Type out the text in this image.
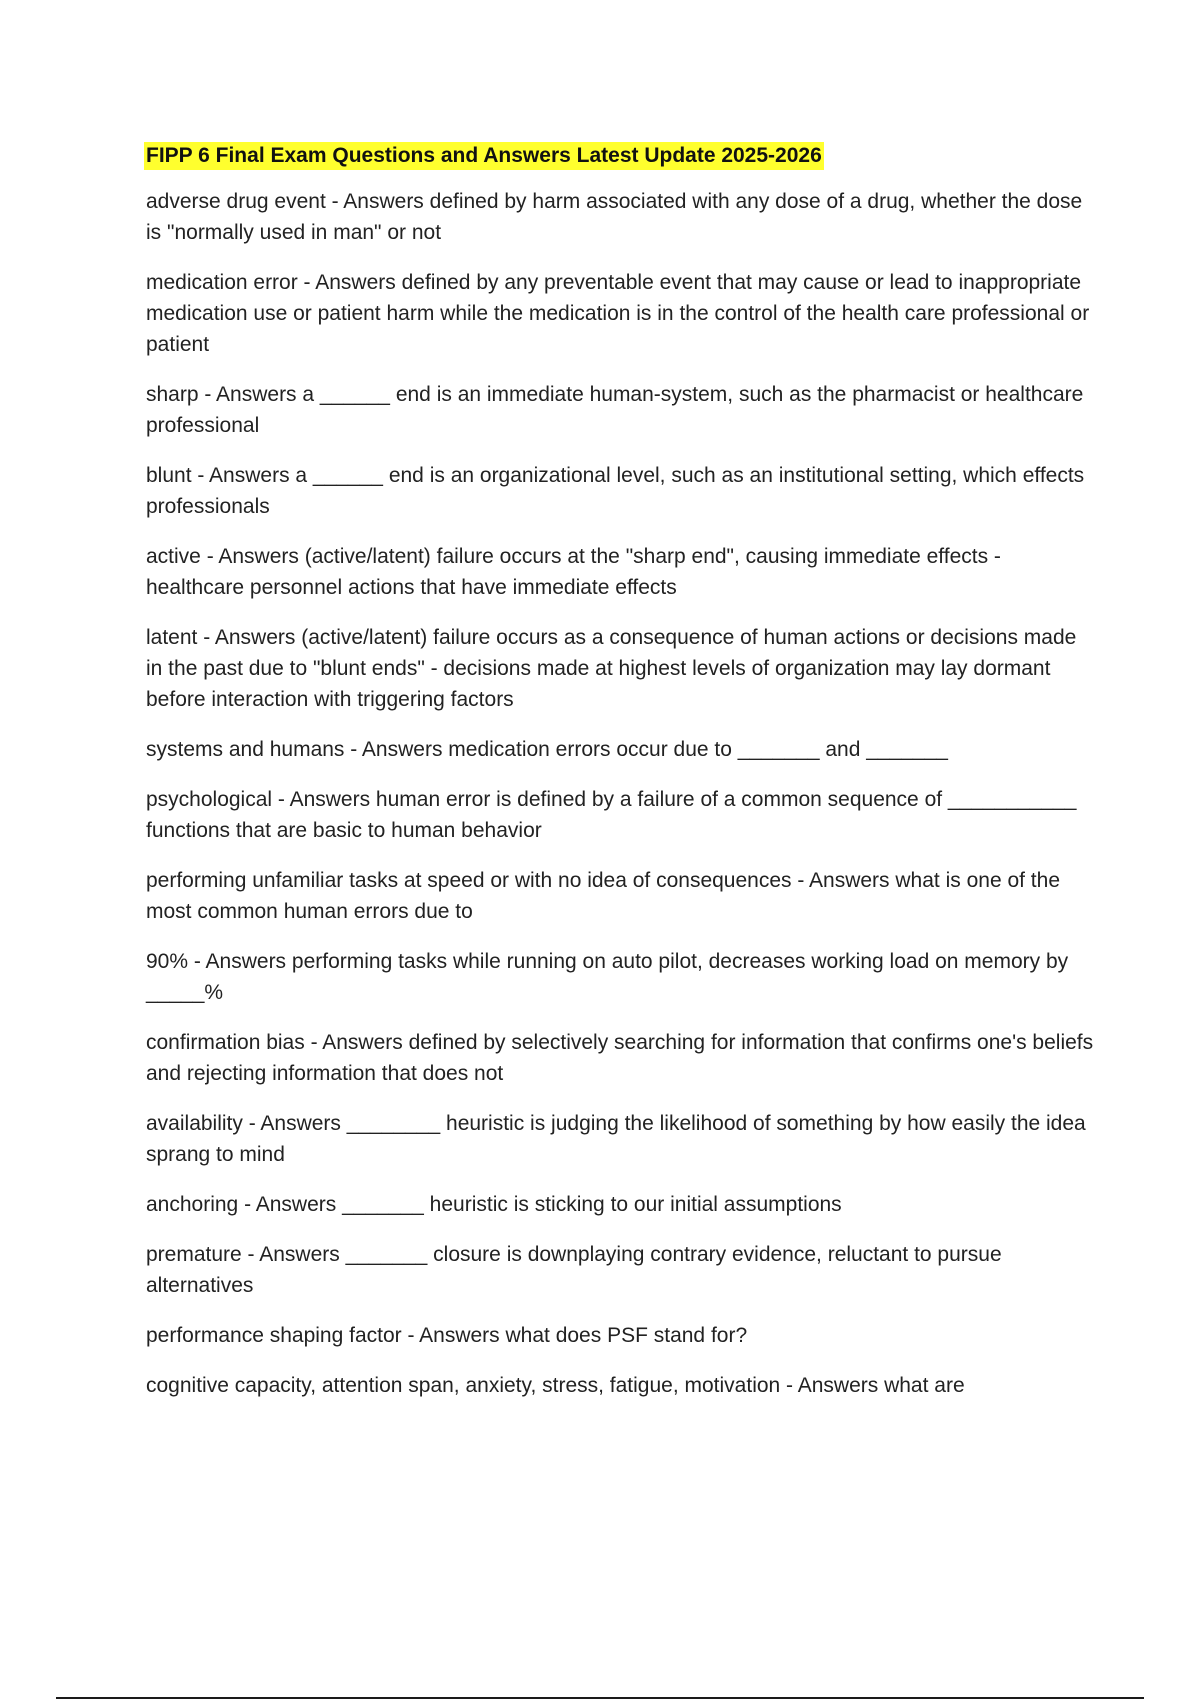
FIPP 6 Final Exam Questions and Answers Latest Update 2025-2026

adverse drug event - Answers defined by harm associated with any dose of a drug, whether the dose is "normally used in man" or not

medication error - Answers defined by any preventable event that may cause or lead to inappropriate medication use or patient harm while the medication is in the control of the health care professional or patient

sharp - Answers a ______ end is an immediate human-system, such as the pharmacist or healthcare professional

blunt - Answers a ______ end is an organizational level, such as an institutional setting, which effects professionals

active - Answers (active/latent) failure occurs at the "sharp end", causing immediate effects - healthcare personnel actions that have immediate effects

latent - Answers (active/latent) failure occurs as a consequence of human actions or decisions made in the past due to "blunt ends" - decisions made at highest levels of organization may lay dormant before interaction with triggering factors

systems and humans - Answers medication errors occur due to _______ and _______

psychological - Answers human error is defined by a failure of a common sequence of ___________ functions that are basic to human behavior

performing unfamiliar tasks at speed or with no idea of consequences - Answers what is one of the most common human errors due to

90% - Answers performing tasks while running on auto pilot, decreases working load on memory by _____%

confirmation bias - Answers defined by selectively searching for information that confirms one's beliefs and rejecting information that does not

availability - Answers ________ heuristic is judging the likelihood of something by how easily the idea sprang to mind

anchoring - Answers _______ heuristic is sticking to our initial assumptions

premature - Answers _______ closure is downplaying contrary evidence, reluctant to pursue alternatives

performance shaping factor - Answers what does PSF stand for?

cognitive capacity, attention span, anxiety, stress, fatigue, motivation - Answers what are
